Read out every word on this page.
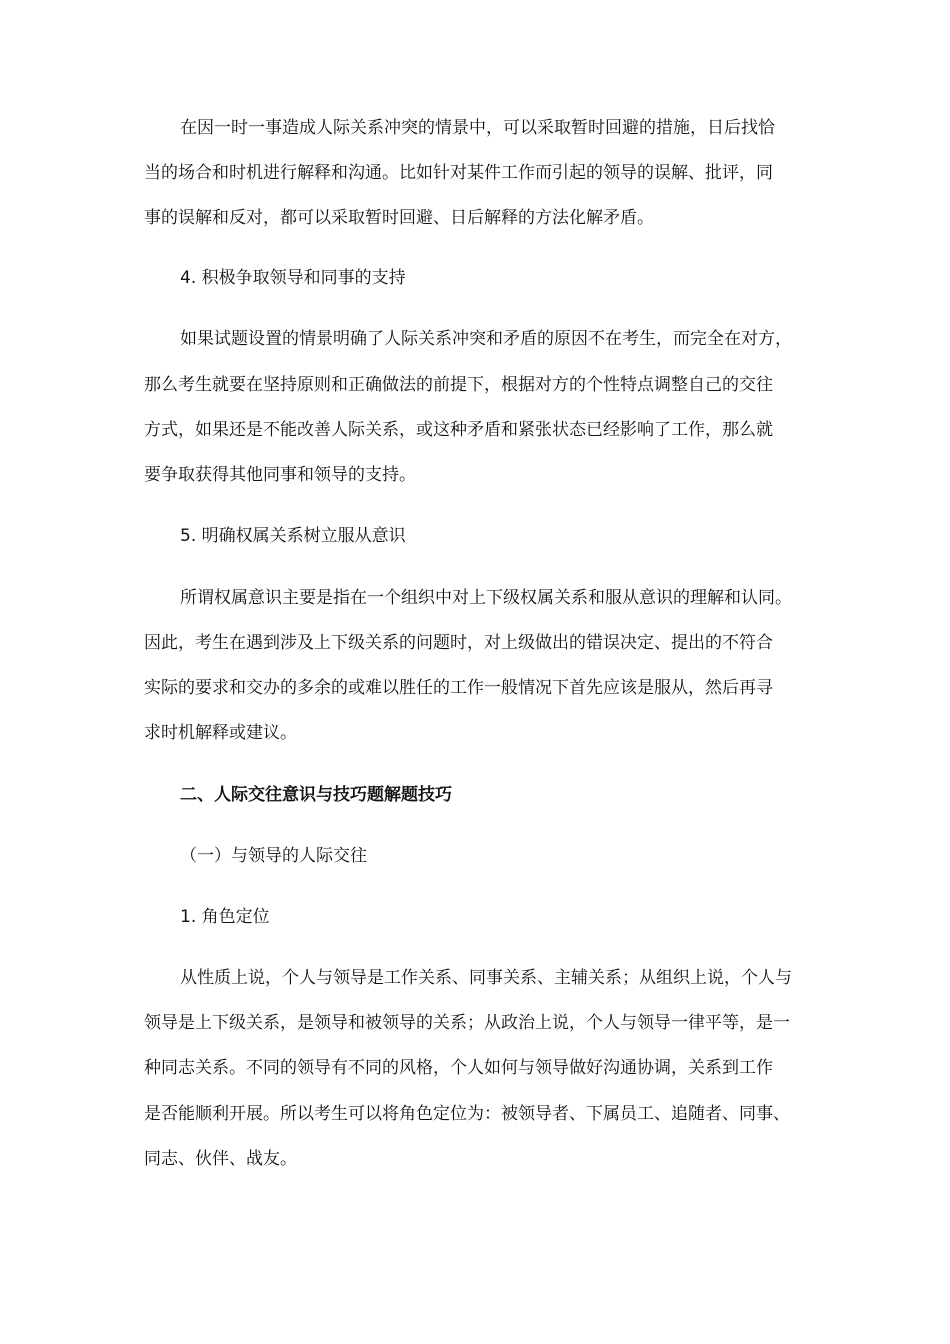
在因一时一事造成人际关系冲突的情景中，可以采取暂时回避的措施，日后找恰
当的场合和时机进行解释和沟通。比如针对某件工作而引起的领导的误解、批评，同
事的误解和反对，都可以采取暂时回避、日后解释的方法化解矛盾。
4. 积极争取领导和同事的支持
如果试题设置的情景明确了人际关系冲突和矛盾的原因不在考生，而完全在对方，
那么考生就要在坚持原则和正确做法的前提下，根据对方的个性特点调整自己的交往
方式，如果还是不能改善人际关系，或这种矛盾和紧张状态已经影响了工作，那么就
要争取获得其他同事和领导的支持。
5. 明确权属关系树立服从意识
所谓权属意识主要是指在一个组织中对上下级权属关系和服从意识的理解和认同。
因此，考生在遇到涉及上下级关系的问题时，对上级做出的错误决定、提出的不符合
实际的要求和交办的多余的或难以胜任的工作一般情况下首先应该是服从，然后再寻
求时机解释或建议。
二、人际交往意识与技巧题解题技巧
（一）与领导的人际交往
1. 角色定位
从性质上说，个人与领导是工作关系、同事关系、主辅关系；从组织上说，个人与
领导是上下级关系，是领导和被领导的关系；从政治上说，个人与领导一律平等，是一
种同志关系。不同的领导有不同的风格，个人如何与领导做好沟通协调，关系到工作
是否能顺利开展。所以考生可以将角色定位为：被领导者、下属员工、追随者、同事、
同志、伙伴、战友。
